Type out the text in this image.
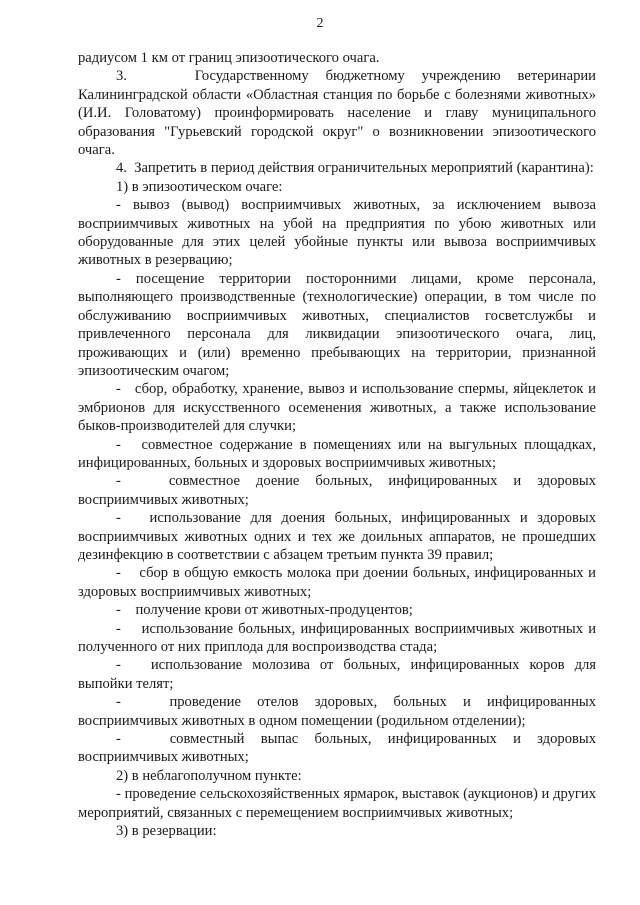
2

радиусом 1 км от границ эпизоотического очага.

3.    Государственному бюджетному учреждению ветеринарии Калининградской области «Областная станция по борьбе с болезнями животных» (И.И. Головатому) проинформировать население и главу муниципального образования "Гурьевский городской округ" о возникновении эпизоотического очага.

4.  Запретить в период действия ограничительных мероприятий (карантина):

1) в эпизоотическом очаге:

- вывоз (вывод) восприимчивых животных, за исключением вывоза восприимчивых животных на убой на предприятия по убою животных или оборудованные для этих целей убойные пункты или вывоза восприимчивых животных в резервацию;

- посещение территории посторонними лицами, кроме персонала, выполняющего производственные (технологические) операции, в том числе по обслуживанию восприимчивых животных, специалистов госветслужбы и привлеченного персонала для ликвидации эпизоотического очага, лиц, проживающих и (или) временно пребывающих на территории, признанной эпизоотическим очагом;

-   сбор, обработку, хранение, вывоз и использование спермы, яйцеклеток и эмбрионов для искусственного осеменения животных, а также использование быков-производителей для случки;

-   совместное содержание в помещениях или на выгульных площадках, инфицированных, больных и здоровых восприимчивых животных;

-   совместное доение больных, инфицированных и здоровых восприимчивых животных;

-   использование для доения больных, инфицированных и здоровых восприимчивых животных одних и тех же доильных аппаратов, не прошедших дезинфекцию в соответствии с абзацем третьим пункта 39 правил;

-    сбор в общую емкость молока при доении больных, инфицированных и здоровых восприимчивых животных;

-    получение крови от животных-продуцентов;

-    использование больных, инфицированных восприимчивых животных и полученного от них приплода для воспроизводства стада;

-   использование молозива от больных, инфицированных коров для выпойки телят;

-   проведение отелов здоровых, больных и инфицированных восприимчивых животных в одном помещении (родильном отделении);

-   совместный выпас больных, инфицированных и здоровых восприимчивых животных;

2) в неблагополучном пункте:

- проведение сельскохозяйственных ярмарок, выставок (аукционов) и других мероприятий, связанных с перемещением восприимчивых животных;

3) в резервации:
